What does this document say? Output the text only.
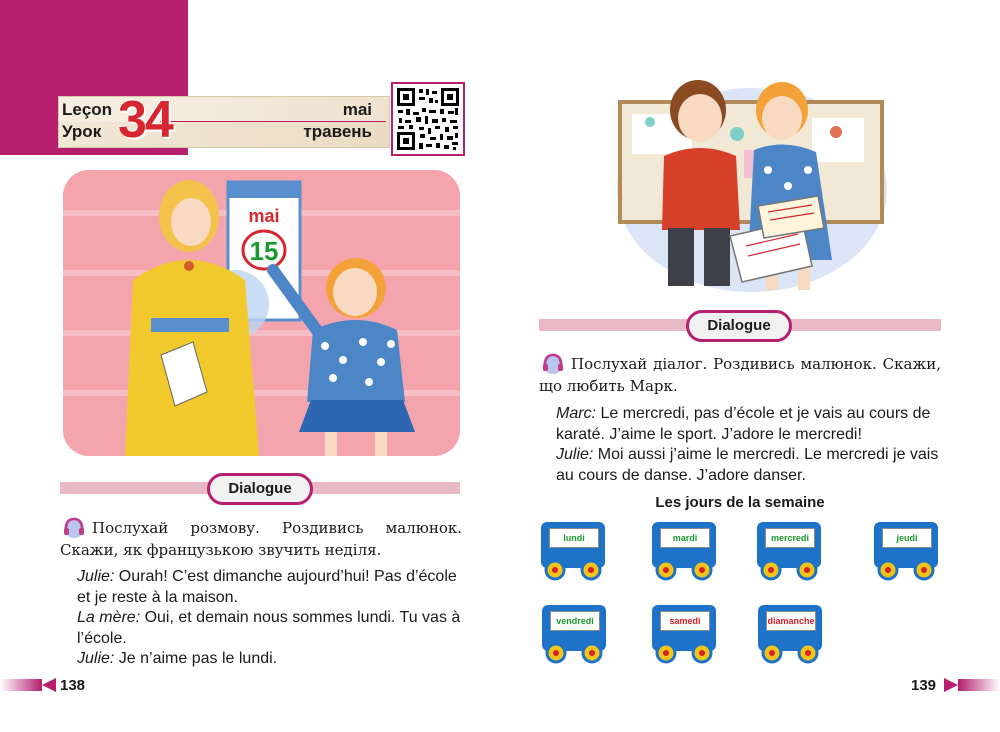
Leçon
Урок 34	mai
травень
mai
15
Dialogue
Послухай розмову. Роздивись малюнок. Скажи, як французькою звучить неділя.
Julie: Ourah! C’est dimanche aujourd’hui! Pas d’école et je reste à la maison.
La mère: Oui, et demain nous sommes lundi. Tu vas à l’école.
Julie: Je n’aime pas le lundi.
138
Dialogue
Послухай діалог. Роздивись малюнок. Скажи, що любить Марк.
Marc: Le mercredi, pas d’école et je vais au cours de karaté. J’aime le sport. J’adore le mercredi!
Julie: Moi aussi j’aime le mercredi. Le mercredi je vais au cours de danse. J’adore danser.
Les jours de la semaine
lundi	mardi	mercredi	jeudi
vendredi	samedi	diamanche
139
